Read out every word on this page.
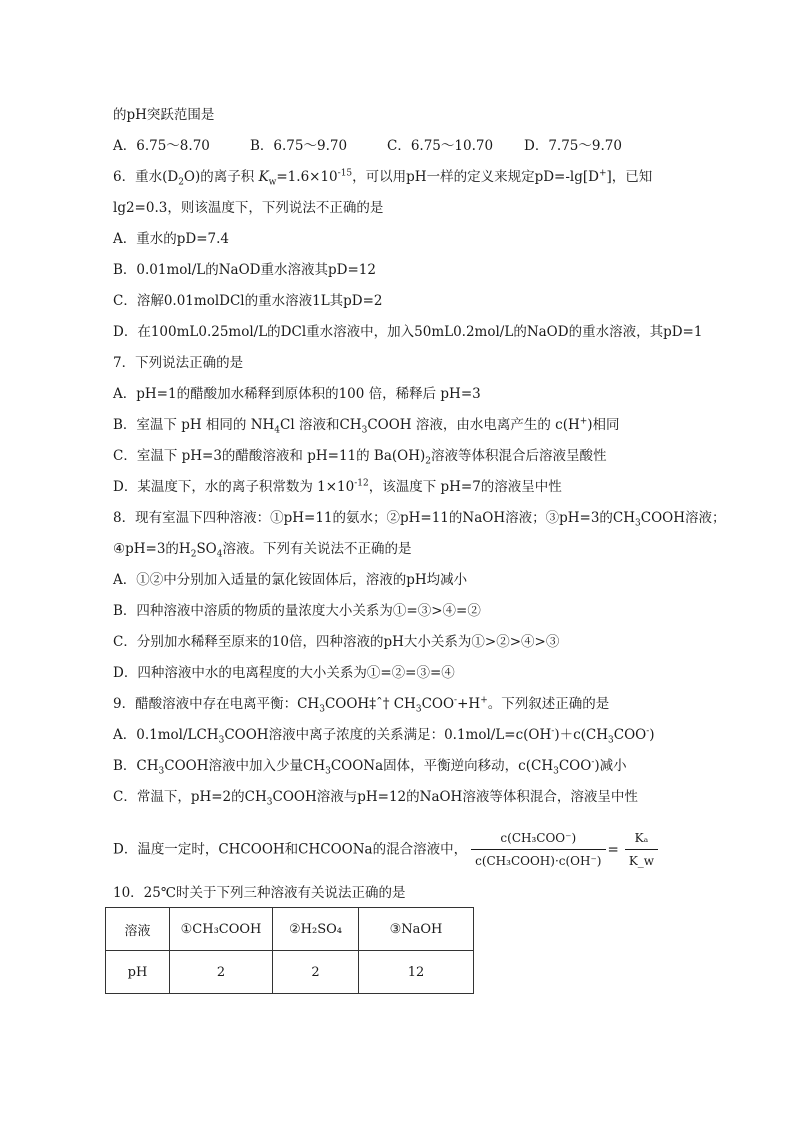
的pH突跃范围是
A．6.75～8.70	B．6.75～9.70	C．6.75～10.70 D．7.75～9.70
6．重水$(D_2O)$的离子积 $K_w=1.6\times 10^{-15}$，可以用pH一样的定义来规定pD=-lg[D+]，已知
lg2=0.3，则该温度下，下列说法不正确的是
A．重水的pD=7.4
B．0.01mol/L的NaOD重水溶液其pD=12
C．溶解0.01molDCl的重水溶液1L其pD=2
D．在100mL0.25mol/L的DCl重水溶液中，加入50mL0.2mol/L的NaOD的重水溶液，其pD=1
7．下列说法正确的是
A．pH=1的醋酸加水稀释到原体积的100 倍，稀释后 pH=3
B．室温下 pH 相同的 $NH_4Cl$ 溶液和$CH_3COOH$ 溶液，由水电离产生的 c(H+)相同
C．室温下 pH=3的醋酸溶液和 pH=11的 $Ba(OH)_2$溶液等体积混合后溶液呈酸性
D．某温度下，水的离子积常数为 $1\times 10^{-12}$，该温度下 pH=7的溶液呈中性
8．现有室温下四种溶液：①pH=11的氨水；②pH=11的NaOH溶液；③pH=3的$CH_3COOH$溶液；
④pH=3的$H_2SO_4$溶液。下列有关说法不正确的是
A．①②中分别加入适量的氯化铵固体后，溶液的pH均减小
B．四种溶液中溶质的物质的量浓度大小关系为①=③>④=②
C．分别加水稀释至原来的10倍，四种溶液的pH大小关系为①>②>④>③
D．四种溶液中水的电离程度的大小关系为①=②=③=④
9．醋酸溶液中存在电离平衡：$CH_3COOH\ddagger ˆ\dagger$ $CH_3COO^-+H^+$。下列叙述正确的是
A．$0.1mol/LCH_3COOH$溶液中离子浓度的关系满足：$0.1mol/L=c(OH^-)+c(CH_3COO^-)$
B．$CH_3COOH$溶液中加入少量$CH_3COONa$固体，平衡逆向移动，$c(CH_3COO^-)$减小
C．常温下，pH=2的$CH_3COOH$溶液与pH=12的NaOH溶液等体积混合，溶液呈中性
D．温度一定时，CHCOOH和CHCOONa的混合溶液中， $\frac{\text{c(CH₃COO⁻)}}{\text{c(CH₃COOH)·c(OH⁻)}} = \frac{\text{Kₐ}}{K\_w}$
10．25℃时关于下列三种溶液有关说法正确的是
溶液	①CH₃COOH	②H₂SO₄	③NaOH
pH	2	2	12
